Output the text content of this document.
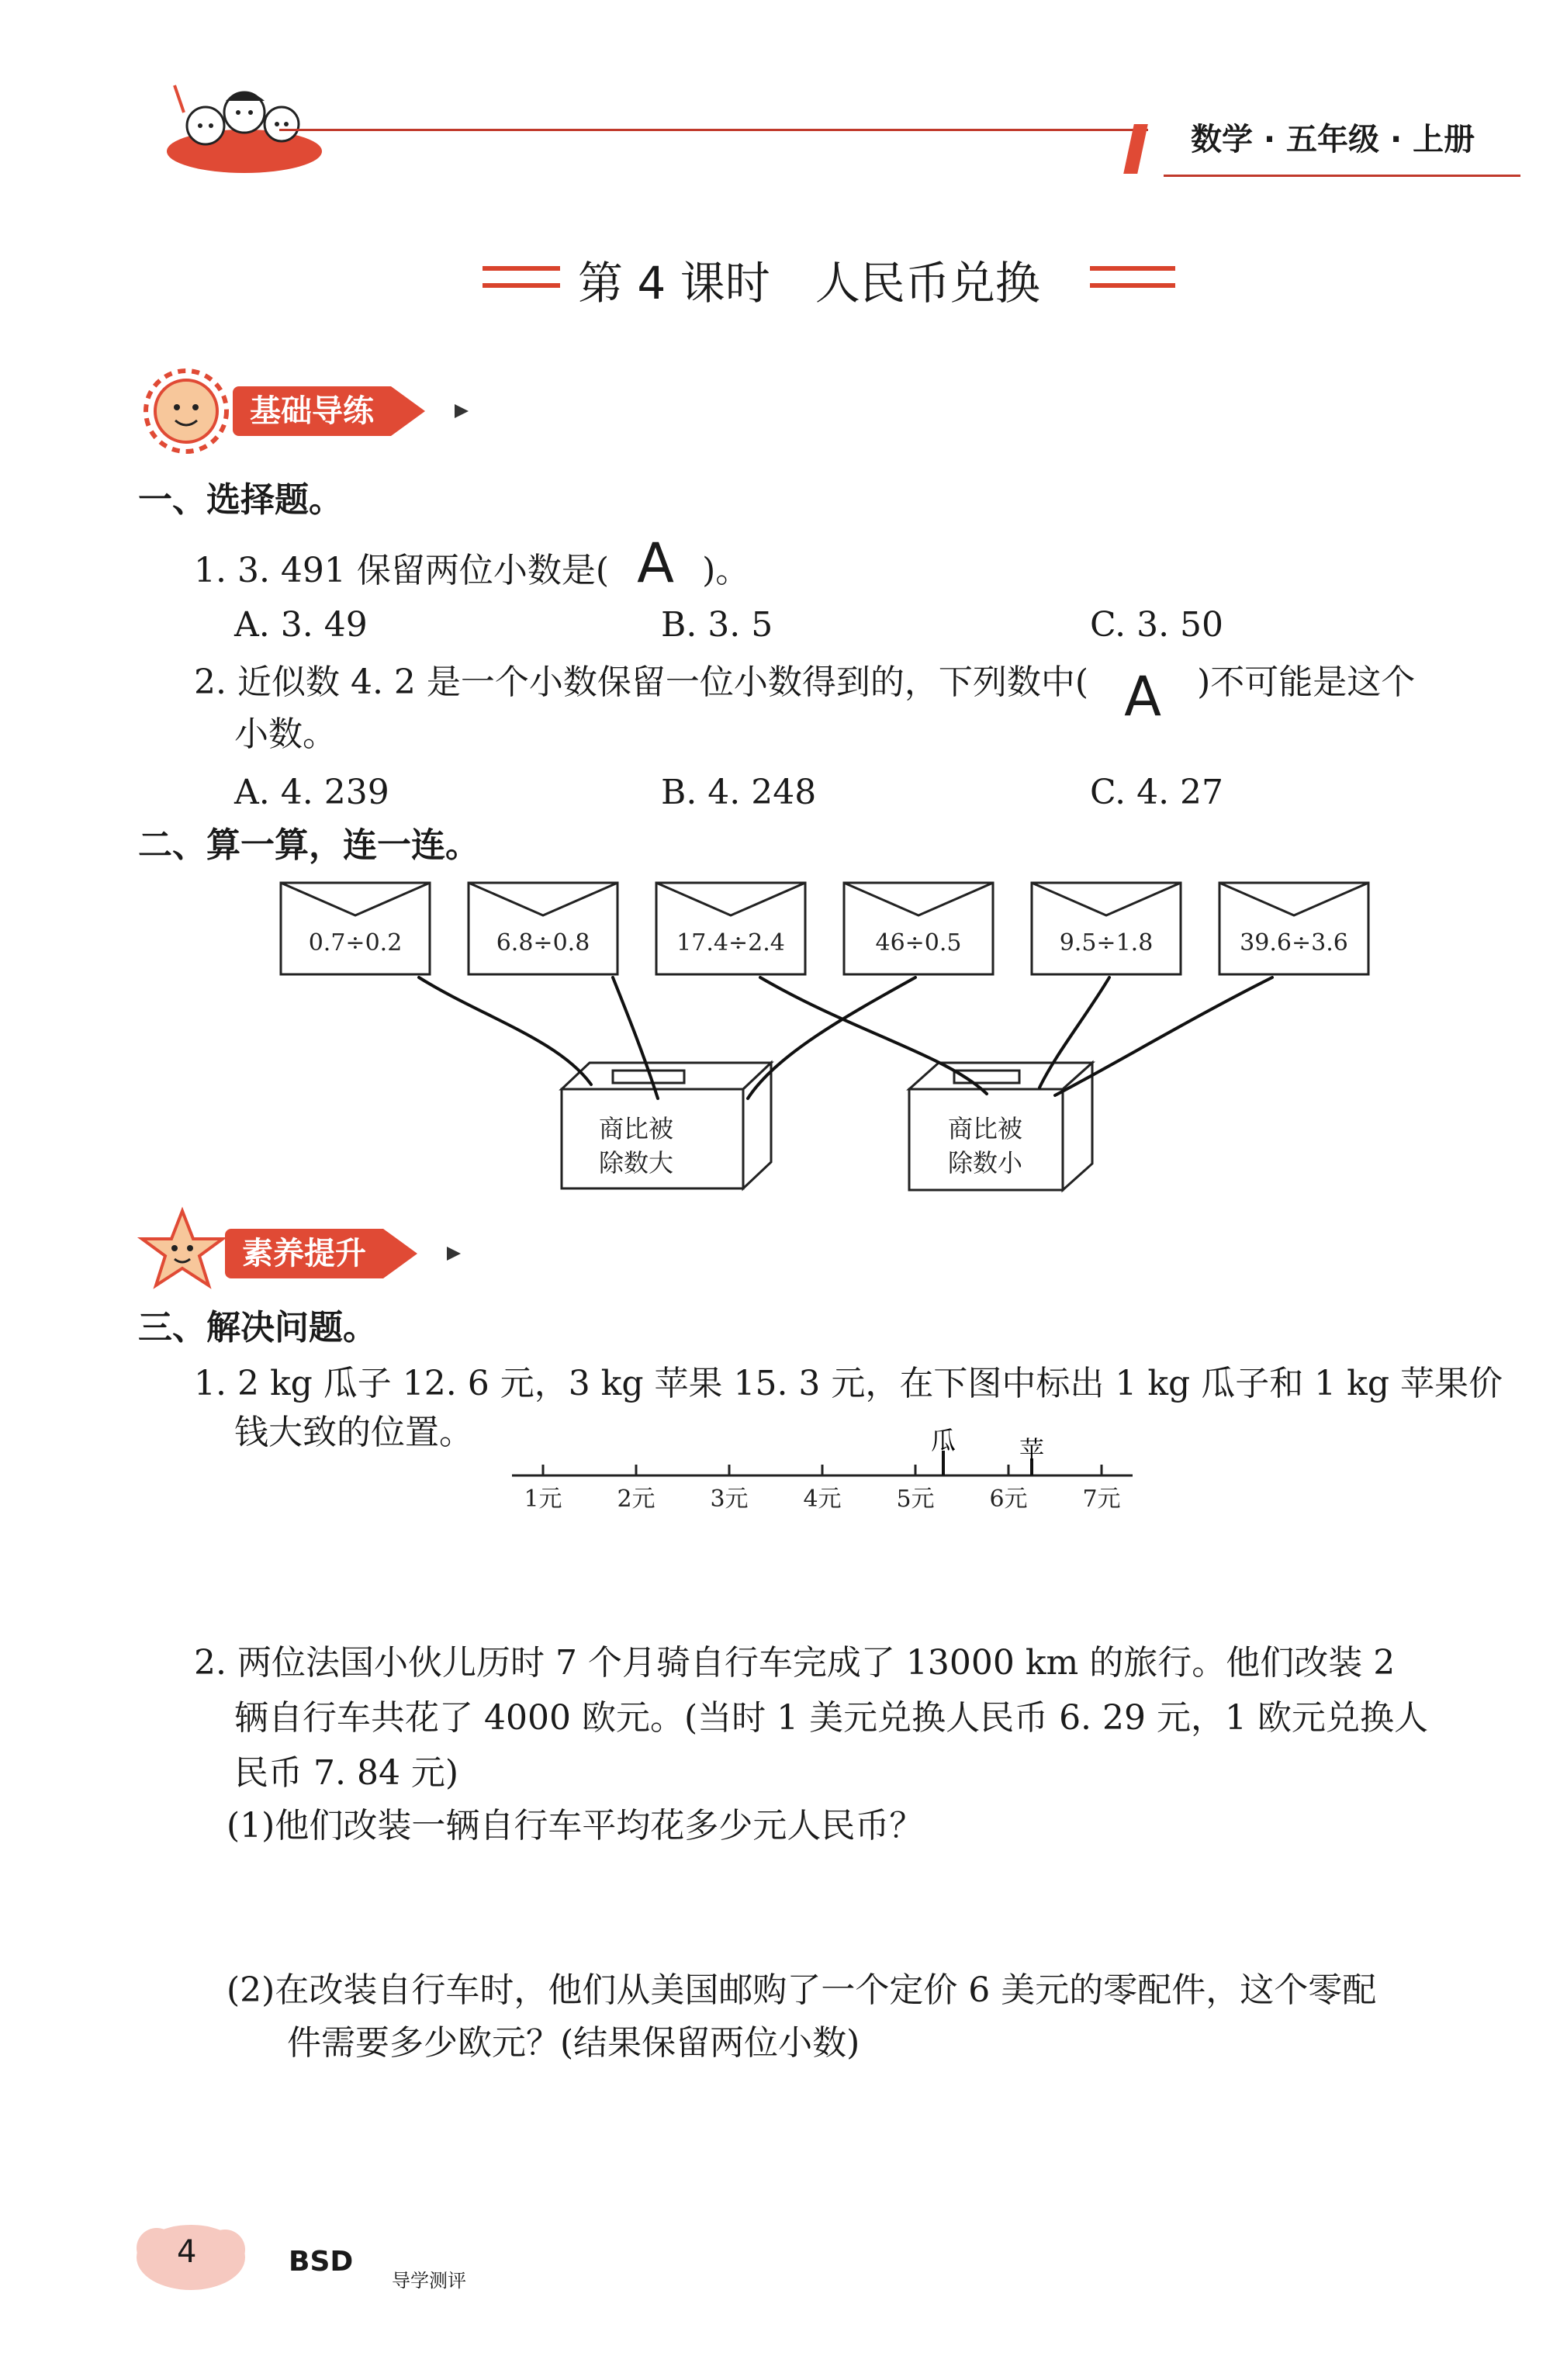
数学 · 五年级 · 上册
第 4 课时　人民币兑换
基础导练
一、选择题。
1. 3. 491 保留两位小数是( A )。
A. 3. 49	B. 3. 5	C. 3. 50
2. 近似数 4. 2 是一个小数保留一位小数得到的，下列数中( A )不可能是这个
小数。
A. 4. 239	B. 4. 248	C. 4. 27
二、算一算，连一连。
0.7÷0.2	6.8÷0.8	17.4÷2.4	46÷0.5	9.5÷1.8	39.6÷3.6
商比被
除数大
商比被
除数小
素养提升
三、解决问题。
1. 2 kg 瓜子 12. 6 元，3 kg 苹果 15. 3 元，在下图中标出 1 kg 瓜子和 1 kg 苹果价
钱大致的位置。
1元 2元 3元 4元 5元 6元 7元
瓜	苹
2. 两位法国小伙儿历时 7 个月骑自行车完成了 13000 km 的旅行。他们改装 2
辆自行车共花了 4000 欧元。(当时 1 美元兑换人民币 6. 29 元，1 欧元兑换人
民币 7. 84 元)
(1)他们改装一辆自行车平均花多少元人民币？
(2)在改装自行车时，他们从美国邮购了一个定价 6 美元的零配件，这个零配
件需要多少欧元？(结果保留两位小数)
4	BSD
导学测评
